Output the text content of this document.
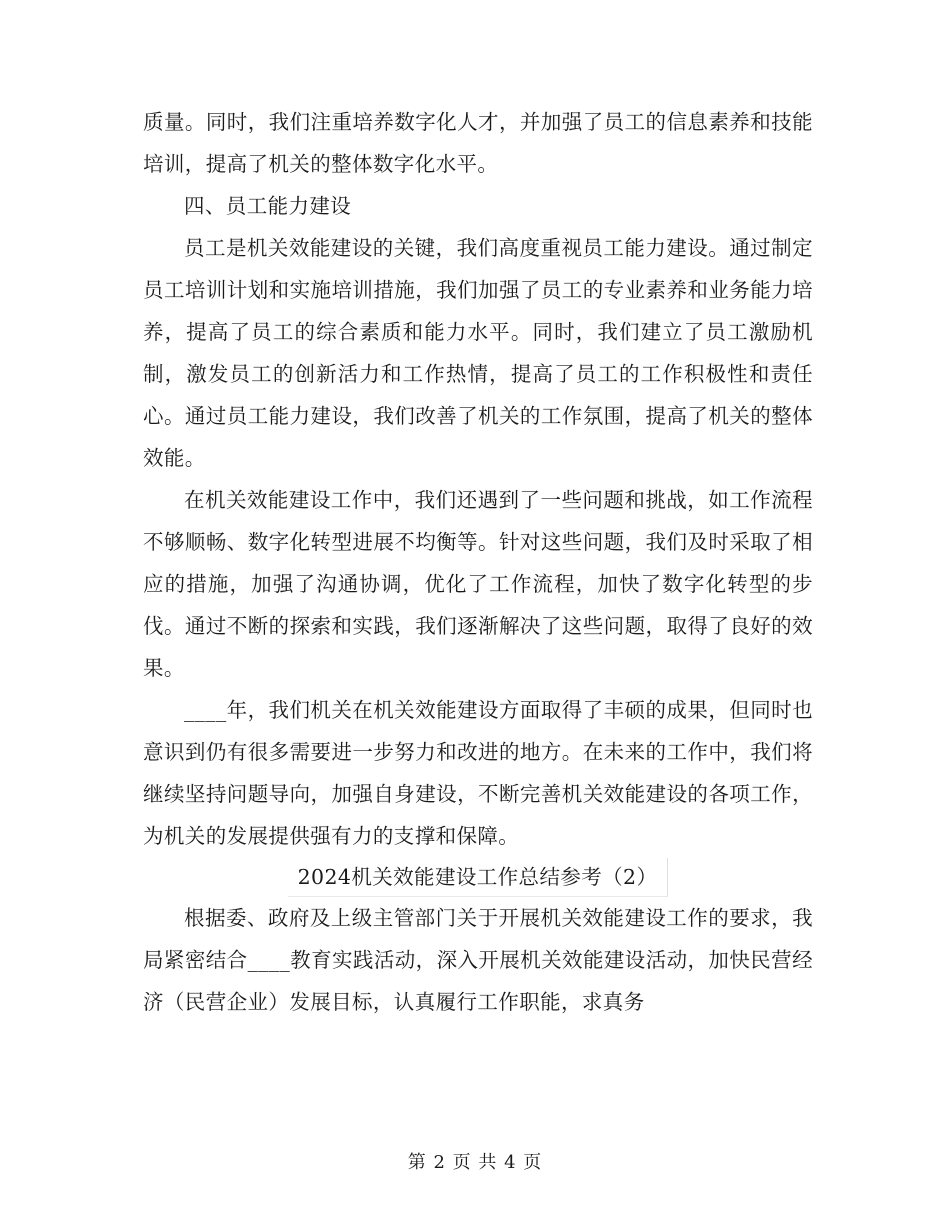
质量。同时，我们注重培养数字化人才，并加强了员工的信息素养和技能培训，提高了机关的整体数字化水平。

四、员工能力建设

员工是机关效能建设的关键，我们高度重视员工能力建设。通过制定员工培训计划和实施培训措施，我们加强了员工的专业素养和业务能力培养，提高了员工的综合素质和能力水平。同时，我们建立了员工激励机制，激发员工的创新活力和工作热情，提高了员工的工作积极性和责任心。通过员工能力建设，我们改善了机关的工作氛围，提高了机关的整体效能。

在机关效能建设工作中，我们还遇到了一些问题和挑战，如工作流程不够顺畅、数字化转型进展不均衡等。针对这些问题，我们及时采取了相应的措施，加强了沟通协调，优化了工作流程，加快了数字化转型的步伐。通过不断的探索和实践，我们逐渐解决了这些问题，取得了良好的效果。

____年，我们机关在机关效能建设方面取得了丰硕的成果，但同时也意识到仍有很多需要进一步努力和改进的地方。在未来的工作中，我们将继续坚持问题导向，加强自身建设，不断完善机关效能建设的各项工作，为机关的发展提供强有力的支撑和保障。

2024机关效能建设工作总结参考（2）

根据委、政府及上级主管部门关于开展机关效能建设工作的要求，我局紧密结合____教育实践活动，深入开展机关效能建设活动，加快民营经济（民营企业）发展目标，认真履行工作职能，求真务

第 2 页 共 4 页
